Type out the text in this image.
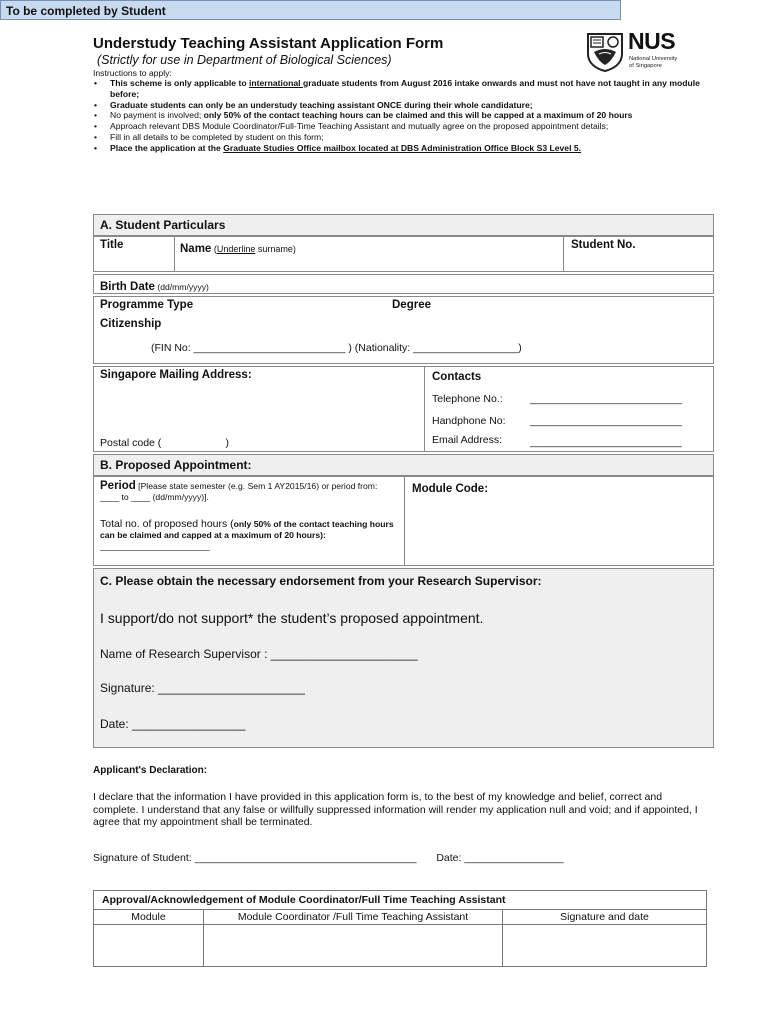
Understudy Teaching Assistant Application Form
(Strictly for use in Department of Biological Sciences)
Instructions to apply:
NUS
National University
of Singapore
• This scheme is only applicable to international graduate students from August 2016 intake onwards and must not have not taught in any module before;
• Graduate students can only be an understudy teaching assistant ONCE during their whole candidature;
• No payment is involved; only 50% of the contact teaching hours can be claimed and this will be capped at a maximum of 20 hours
• Approach relevant DBS Module Coordinator/Full-Time Teaching Assistant and mutually agree on the proposed appointment details;
• Fill in all details to be completed by student on this form;
• Place the application at the Graduate Studies Office mailbox located at DBS Administration Office Block S3 Level 5.
To be completed by Student
A. Student Particulars
Title	Name (Underline surname)	Student No.
Birth Date (dd/mm/yyyy)
Programme Type	Degree
Citizenship
(FIN No: __________________________ ) (Nationality: __________________)
Singapore Mailing Address:
Postal code (	)
Contacts
Telephone No.:	__________________________
Handphone No: __________________________
Email Address:	__________________________
B. Proposed Appointment:
Period [Please state semester (e.g. Sem 1 AY2015/16) or period from: ____ to ____ (dd/mm/yyyy)].
Total no. of proposed hours (only 50% of the contact teaching hours can be claimed and capped at a maximum of 20 hours): _______________________
Module Code:
C. Please obtain the necessary endorsement from your Research Supervisor:
I support/do not support* the student’s proposed appointment.
Name of Research Supervisor : ______________________
Signature: ______________________
Date: _________________
Applicant's Declaration:
I declare that the information I have provided in this application form is, to the best of my knowledge and belief, correct and complete. I understand that any false or willfully suppressed information will render my application null and void; and if appointed, I agree that my appointment shall be terminated.
Signature of Student: ______________________________________ Date: _________________
Approval/Acknowledgement of Module Coordinator/Full Time Teaching Assistant		
Module	Module Coordinator /Full Time Teaching Assistant	Signature and date
